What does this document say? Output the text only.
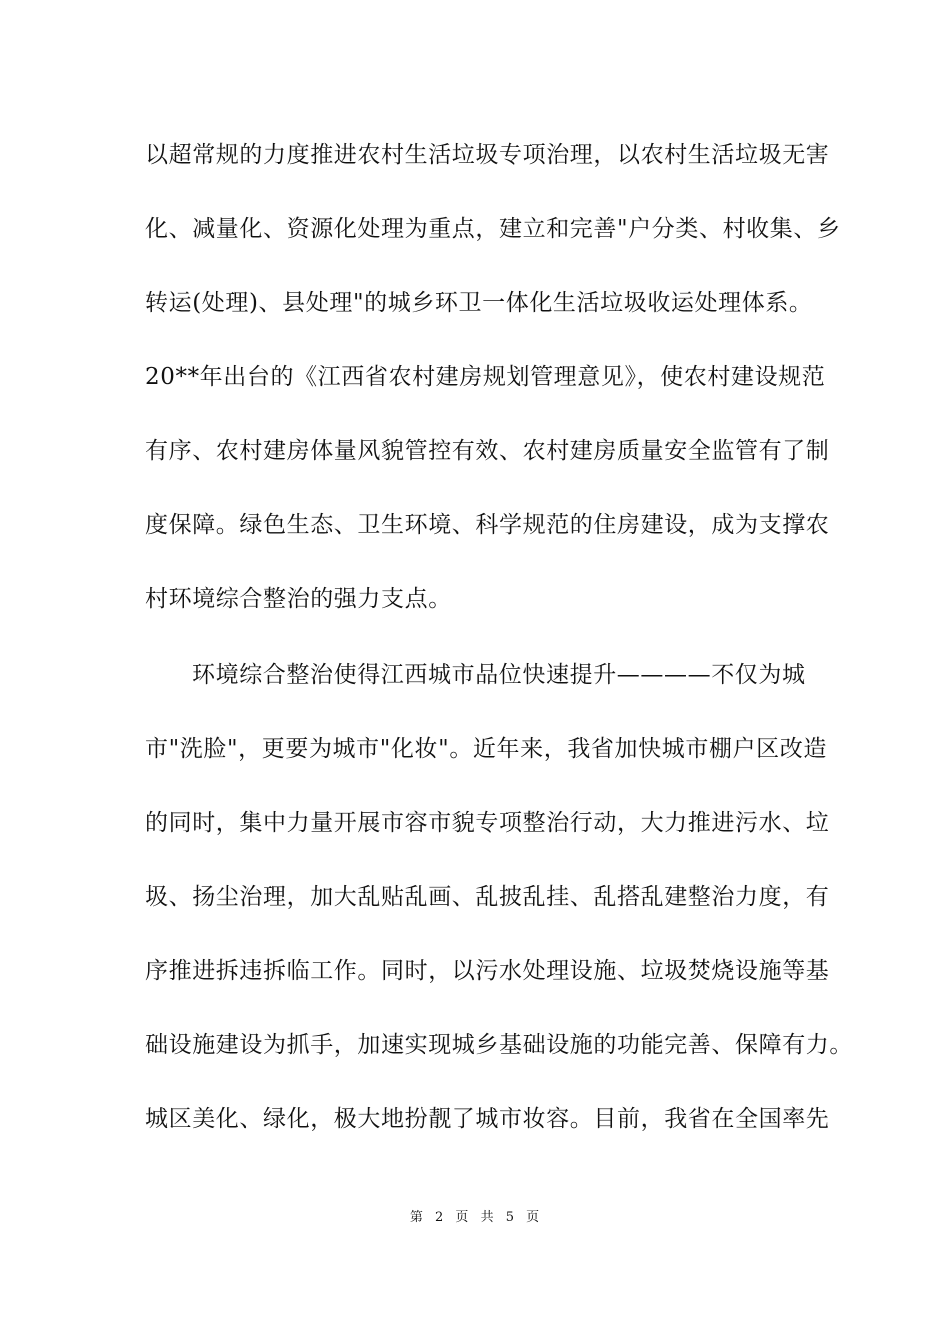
以超常规的力度推进农村生活垃圾专项治理，以农村生活垃圾无害
化、减量化、资源化处理为重点，建立和完善"户分类、村收集、乡
转运(处理)、县处理"的城乡环卫一体化生活垃圾收运处理体系。
20**年出台的《江西省农村建房规划管理意见》，使农村建设规范
有序、农村建房体量风貌管控有效、农村建房质量安全监管有了制
度保障。绿色生态、卫生环境、科学规范的住房建设，成为支撑农
村环境综合整治的强力支点。
环境综合整治使得江西城市品位快速提升————不仅为城
市"洗脸"，更要为城市"化妆"。近年来，我省加快城市棚户区改造
的同时，集中力量开展市容市貌专项整治行动，大力推进污水、垃
圾、扬尘治理，加大乱贴乱画、乱披乱挂、乱搭乱建整治力度，有
序推进拆违拆临工作。同时，以污水处理设施、垃圾焚烧设施等基
础设施建设为抓手，加速实现城乡基础设施的功能完善、保障有力。
城区美化、绿化，极大地扮靓了城市妆容。目前，我省在全国率先
第 2 页 共 5 页
